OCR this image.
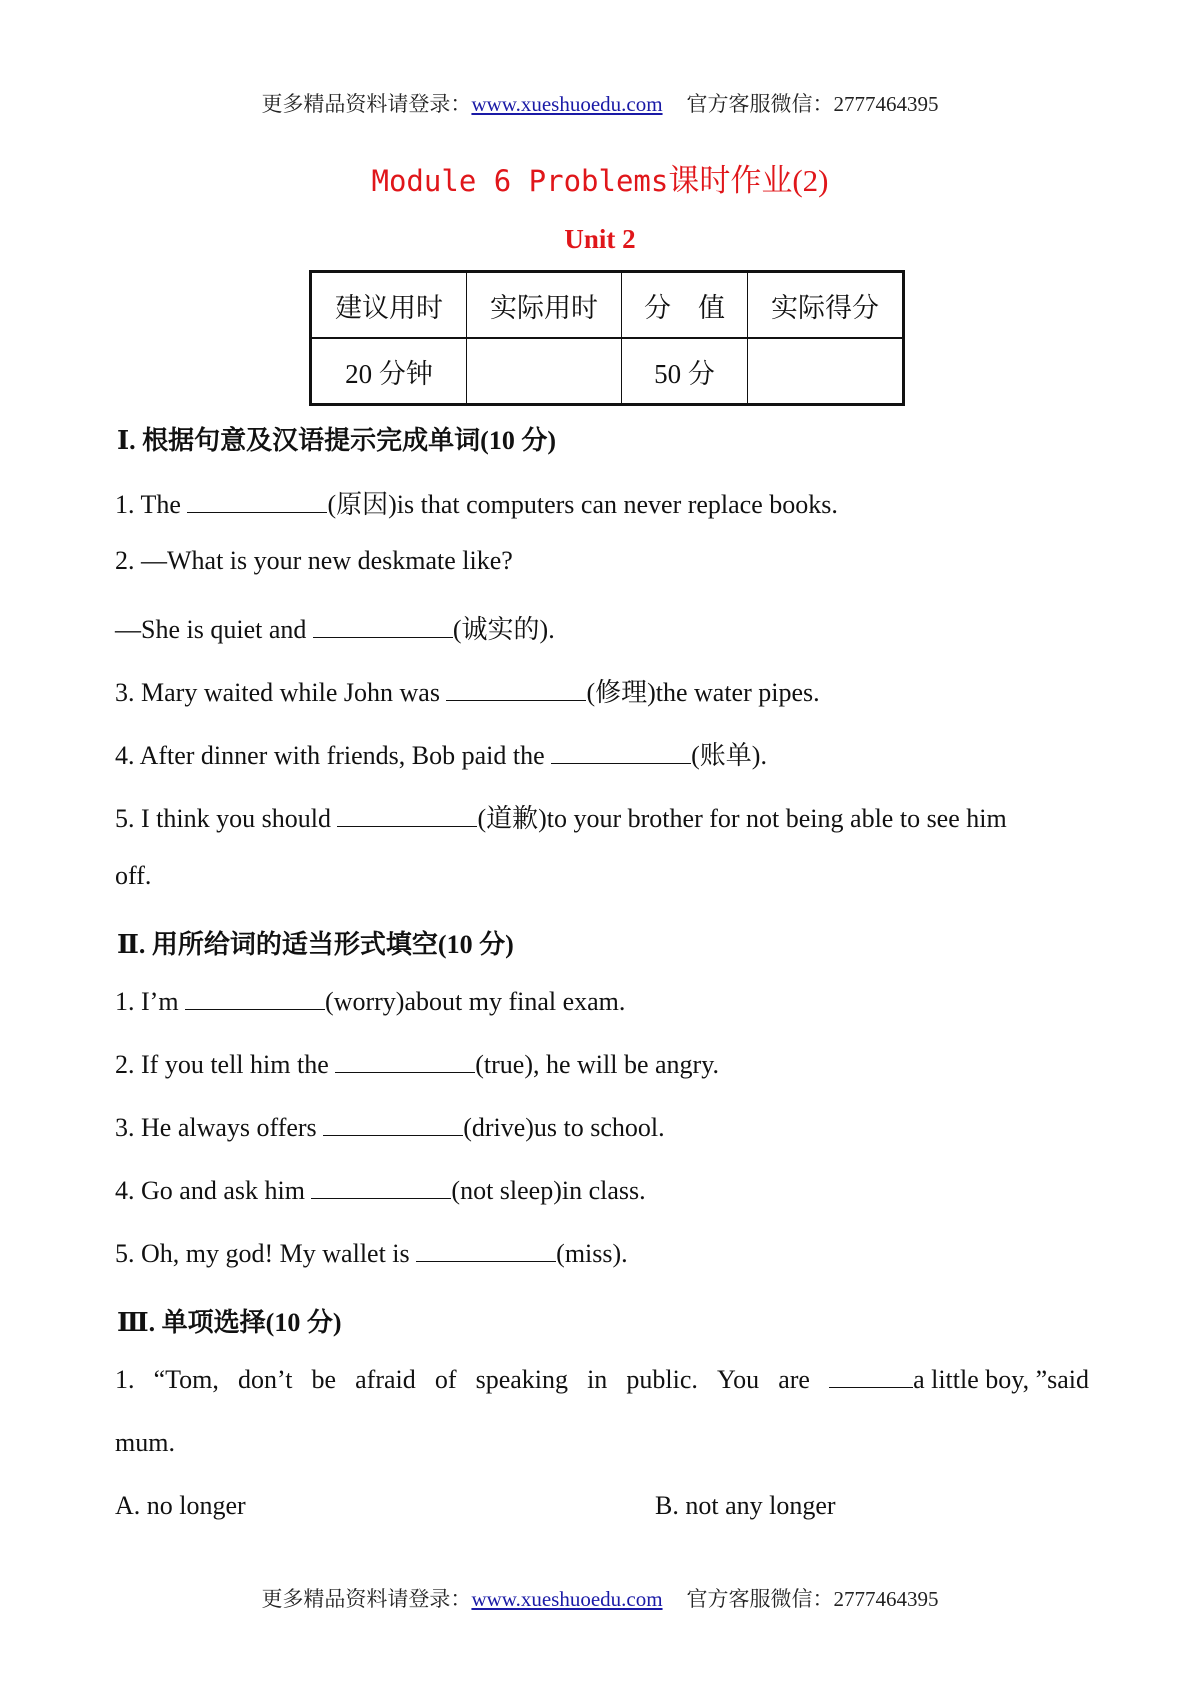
更多精品资料请登录：www.xueshuoedu.com 官方客服微信：2777464395
Module 6 Problems课时作业(2)
Unit 2
建议用时	实际用时	分　值	实际得分
20 分钟		50 分	
Ⅰ. 根据句意及汉语提示完成单词(10 分)
1. The	(原因)is that computers can never replace books.
2. —What is your new deskmate like?
—She is quiet and	(诚实的).
3. Mary waited while John was	(修理)the water pipes.
4. After dinner with friends, Bob paid the	(账单).
5. I think you should	(道歉)to your brother for not being able to see him
off.
Ⅱ. 用所给词的适当形式填空(10 分)
1. I’m	(worry)about my final exam.
2. If you tell him the	(true), he will be angry.
3. He always offers	(drive)us to school.
4. Go and ask him	(not sleep)in class.
5. Oh, my god! My wallet is	(miss).
Ⅲ. 单项选择(10 分)
1. “Tom, don’t be afraid of speaking in public. You are	a little boy, ”said
mum.
A. no longer	B. not any longer
更多精品资料请登录：www.xueshuoedu.com 官方客服微信：2777464395
